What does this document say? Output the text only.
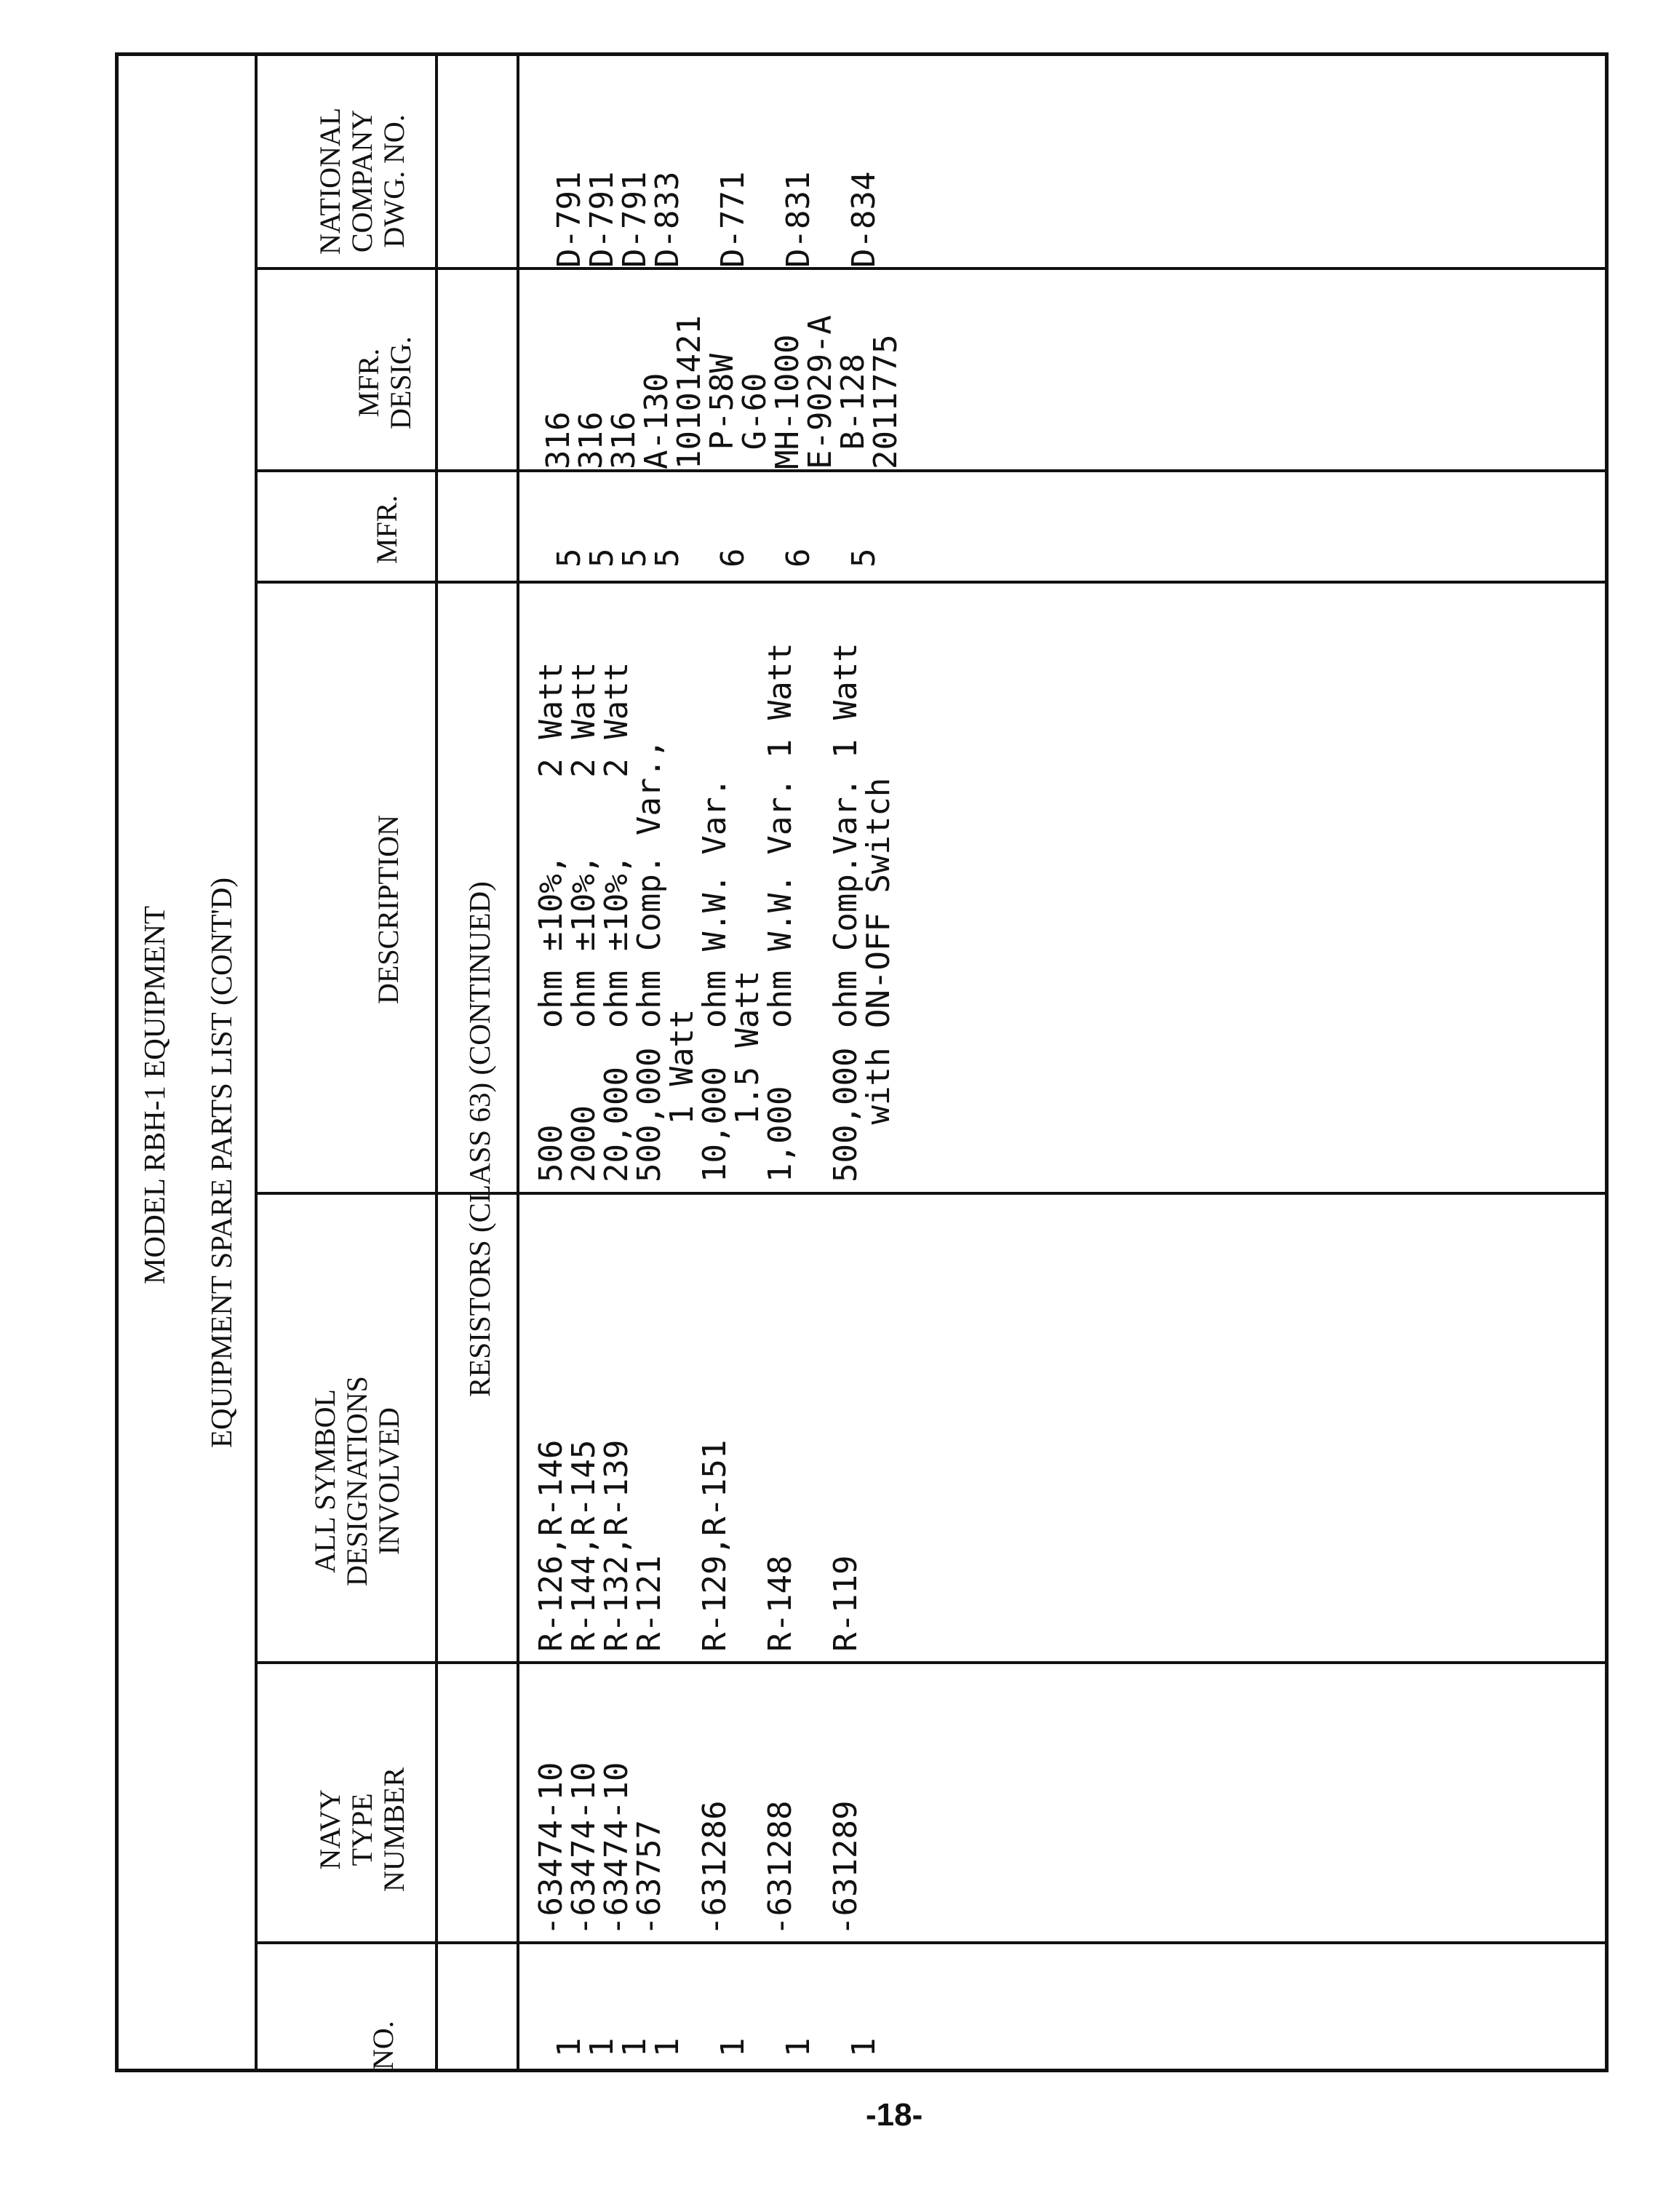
MODEL RBH-1 EQUIPMENT EQUIPMENT SPARE PARTS LIST (CONT'D)
NATIONAL
COMPANY
DWG. NO.
MFR.
DESIG.
MFR.
DESCRIPTION
ALL SYMBOL
DESIGNATIONS
INVOLVED
NAVY
TYPE
NUMBER
NO.
RESISTORS (CLASS 63) (CONTINUED)
D-791
D-791
D-791
D-833

D-771

D-831

D-834
316
316
316
A-130
10101421
P-58W
G-60
MH-1000
E-9029-A
B-128
2011775
5
5
5
5

6

6

5
500     ohm ±10%,    2 Watt
2000    ohm ±10%,    2 Watt
20,000  ohm ±10%,    2 Watt
500,000 ohm Comp. Var.,
1 Watt
10,000  ohm W.W. Var.
1.5 Watt
1,000   ohm W.W. Var. 1 Watt

500,000 ohm Comp.Var. 1 Watt
with ON-OFF Switch
R-126,R-146
R-144,R-145
R-132,R-139
R-121

R-129,R-151

R-148

R-119
-63474-10
-63474-10
-63474-10
-63757

-631286

-631288

-631289
1
1
1
1

1

1

1
-18-
